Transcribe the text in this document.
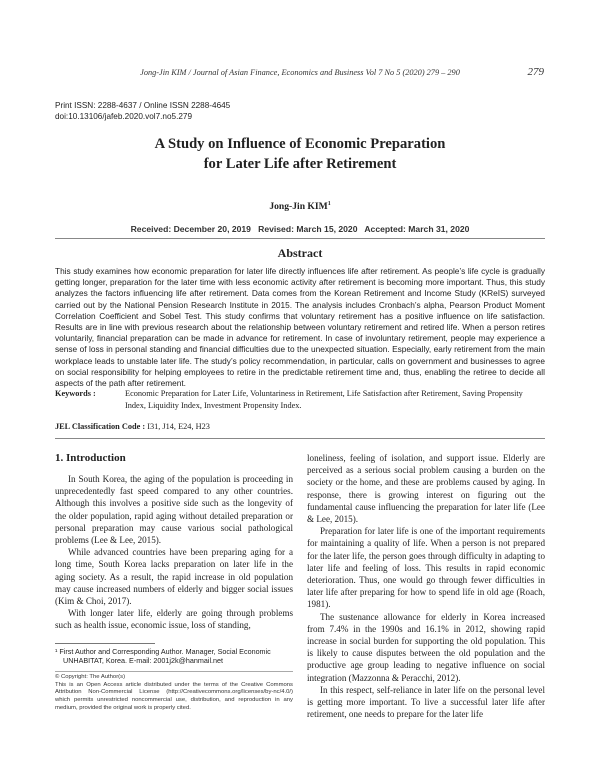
Jong-Jin KIM / Journal of Asian Finance, Economics and Business Vol 7 No 5 (2020) 279 – 290	279
Print ISSN: 2288-4637 / Online ISSN 2288-4645
doi:10.13106/jafeb.2020.vol7.no5.279
A Study on Influence of Economic Preparation
for Later Life after Retirement
Jong-Jin KIM$^1$
Received: December 20, 2019   Revised: March 15, 2020   Accepted: March 31, 2020
Abstract
This study examines how economic preparation for later life directly influences life after retirement. As people’s life cycle is gradually getting longer, preparation for the later time with less economic activity after retirement is becoming more important. Thus, this study analyzes the factors influencing life after retirement. Data comes from the Korean Retirement and Income Study (KReIS) surveyed carried out by the National Pension Research Institute in 2015. The analysis includes Cronbach’s alpha, Pearson Product Moment Correlation Coefficient and Sobel Test. This study confirms that voluntary retirement has a positive influence on life satisfaction. Results are in line with previous research about the relationship between voluntary retirement and retired life. When a person retires voluntarily, financial preparation can be made in advance for retirement. In case of involuntary retirement, people may experience a sense of loss in personal standing and financial difficulties due to the unexpected situation. Especially, early retirement from the main workplace leads to unstable later life. The study’s policy recommendation, in particular, calls on government and businesses to agree on social responsibility for helping employees to retire in the predictable retirement time and, thus, enabling the retiree to decide all aspects of the path after retirement.
Keywords :	Economic Preparation for Later Life, Voluntariness in Retirement, Life Satisfaction after Retirement, Saving Propensity Index, Liquidity Index, Investment Propensity Index.
JEL Classification Code : I31, J14, E24, H23
1. Introduction

In South Korea, the aging of the population is proceeding in unprecedentedly fast speed compared to any other countries. Although this involves a positive side such as the longevity of the older population, rapid aging without detailed preparation or personal preparation may cause various social pathological problems (Lee & Lee, 2015).

While advanced countries have been preparing aging for a long time, South Korea lacks preparation on later life in the aging society. As a result, the rapid increase in old population may cause increased numbers of elderly and bigger social issues (Kim & Choi, 2017).

With longer later life, elderly are going through problems such as health issue, economic issue, loss of standing,

loneliness, feeling of isolation, and support issue. Elderly are perceived as a serious social problem causing a burden on the society or the home, and these are problems caused by aging. In response, there is growing interest on figuring out the fundamental cause influencing the preparation for later life (Lee & Lee, 2015).

Preparation for later life is one of the important requirements for maintaining a quality of life. When a person is not prepared for the later life, the person goes through difficulty in adapting to later life and feeling of loss. This results in rapid economic deterioration. Thus, one would go through fewer difficulties in later life after preparing for how to spend life in old age (Roach, 1981).

The sustenance allowance for elderly in Korea increased from 7.4% in the 1990s and 16.1% in 2012, showing rapid increase in social burden for supporting the old population. This is likely to cause disputes between the old population and the productive age group leading to negative influence on social integration (Mazzonna & Peracchi, 2012).

In this respect, self-reliance in later life on the personal level is getting more important. To live a successful later life after retirement, one needs to prepare for the later life

¹ First Author and Corresponding Author. Manager, Social Economic
UNHABITAT, Korea. E-mail: 2001j2k@hanmail.net
© Copyright: The Author(s)
This is an Open Access article distributed under the terms of the Creative Commons Attribution Non-Commercial License (http://Creativecommons.org/licenses/by-nc/4.0/) which permits unrestricted noncommercial use, distribution, and reproduction in any medium, provided the original work is properly cited.
